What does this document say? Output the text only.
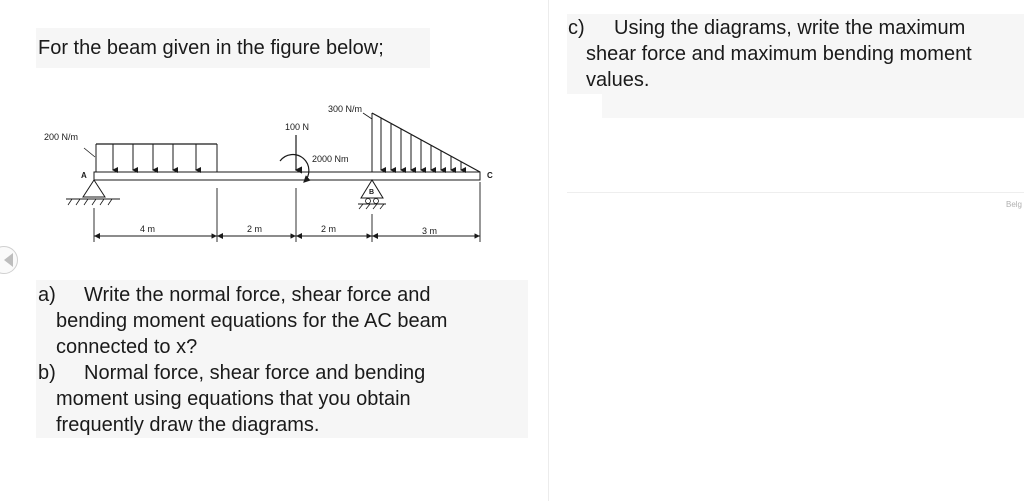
For the beam given in the figure below;
200 N/m
A
100 N
2000 Nm
300 N/m
B
C
4 m	2 m	2 m	3 m
a) Write the normal force, shear force and
bending moment equations for the AC beam
connected to x?
b) Normal force, shear force and bending
moment using equations that you obtain
frequently draw the diagrams.
c) Using the diagrams, write the maximum
shear force and maximum bending moment
values.
Belg
